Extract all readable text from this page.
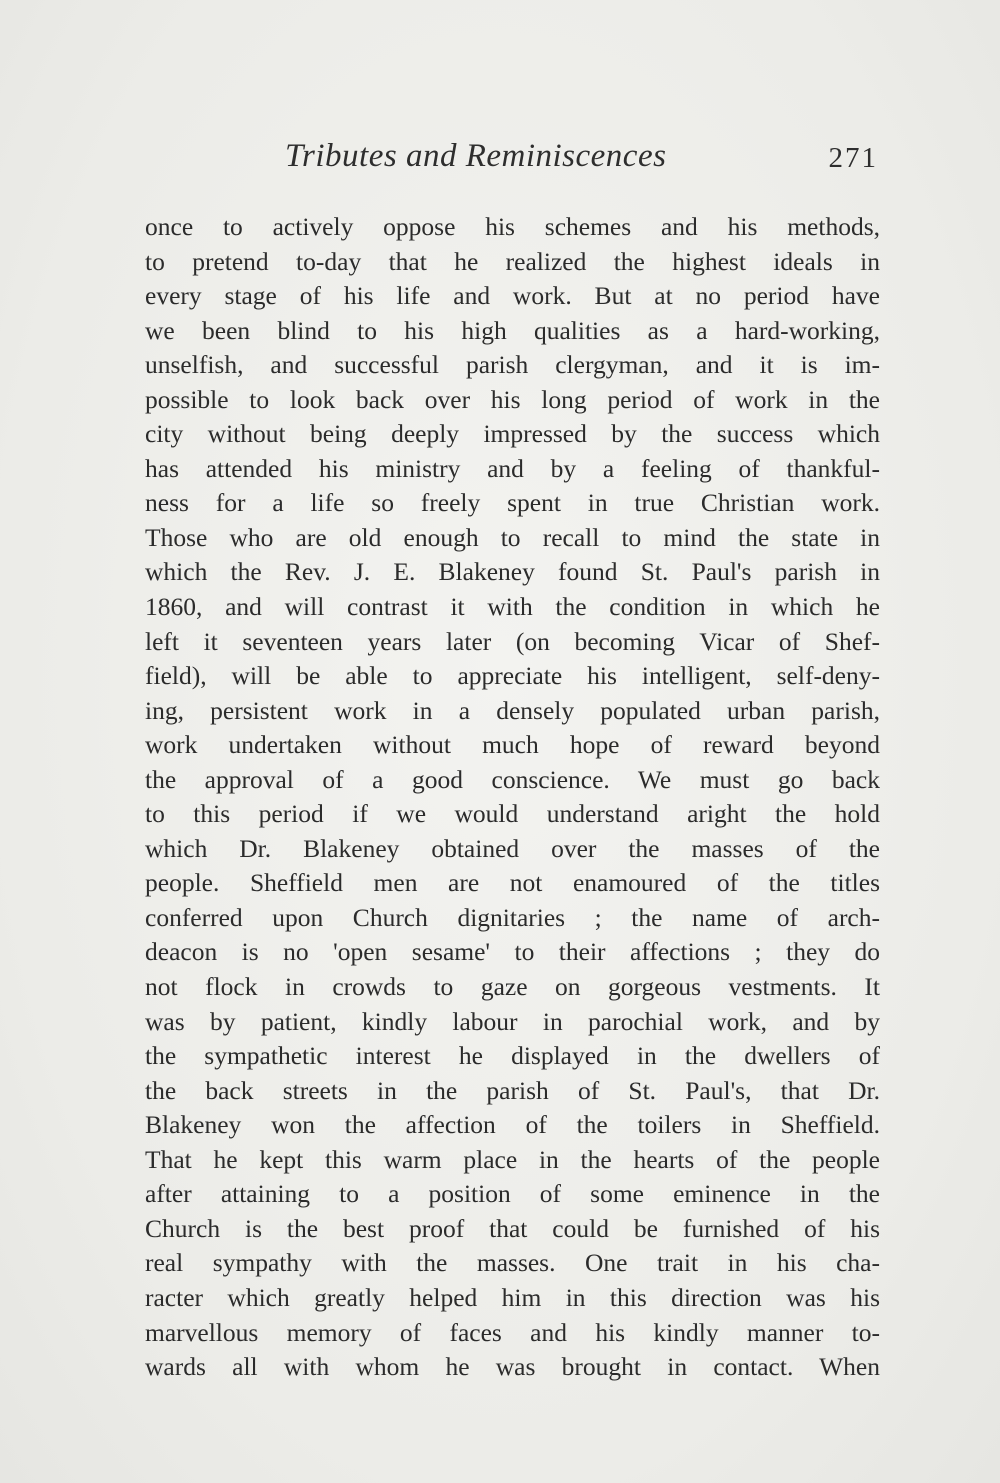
Tributes and Reminiscences	271
once to actively oppose his schemes and his methods,
to pretend to-day that he realized the highest ideals in
every stage of his life and work. But at no period have
we been blind to his high qualities as a hard-working,
unselfish, and successful parish clergyman, and it is im-
possible to look back over his long period of work in the
city without being deeply impressed by the success which
has attended his ministry and by a feeling of thankful-
ness for a life so freely spent in true Christian work.
Those who are old enough to recall to mind the state in
which the Rev. J. E. Blakeney found St. Paul's parish in
1860, and will contrast it with the condition in which he
left it seventeen years later (on becoming Vicar of Shef-
field), will be able to appreciate his intelligent, self-deny-
ing, persistent work in a densely populated urban parish,
work undertaken without much hope of reward beyond
the approval of a good conscience. We must go back
to this period if we would understand aright the hold
which Dr. Blakeney obtained over the masses of the
people. Sheffield men are not enamoured of the titles
conferred upon Church dignitaries ; the name of arch-
deacon is no 'open sesame' to their affections ; they do
not flock in crowds to gaze on gorgeous vestments. It
was by patient, kindly labour in parochial work, and by
the sympathetic interest he displayed in the dwellers of
the back streets in the parish of St. Paul's, that Dr.
Blakeney won the affection of the toilers in Sheffield.
That he kept this warm place in the hearts of the people
after attaining to a position of some eminence in the
Church is the best proof that could be furnished of his
real sympathy with the masses. One trait in his cha-
racter which greatly helped him in this direction was his
marvellous memory of faces and his kindly manner to-
wards all with whom he was brought in contact. When
